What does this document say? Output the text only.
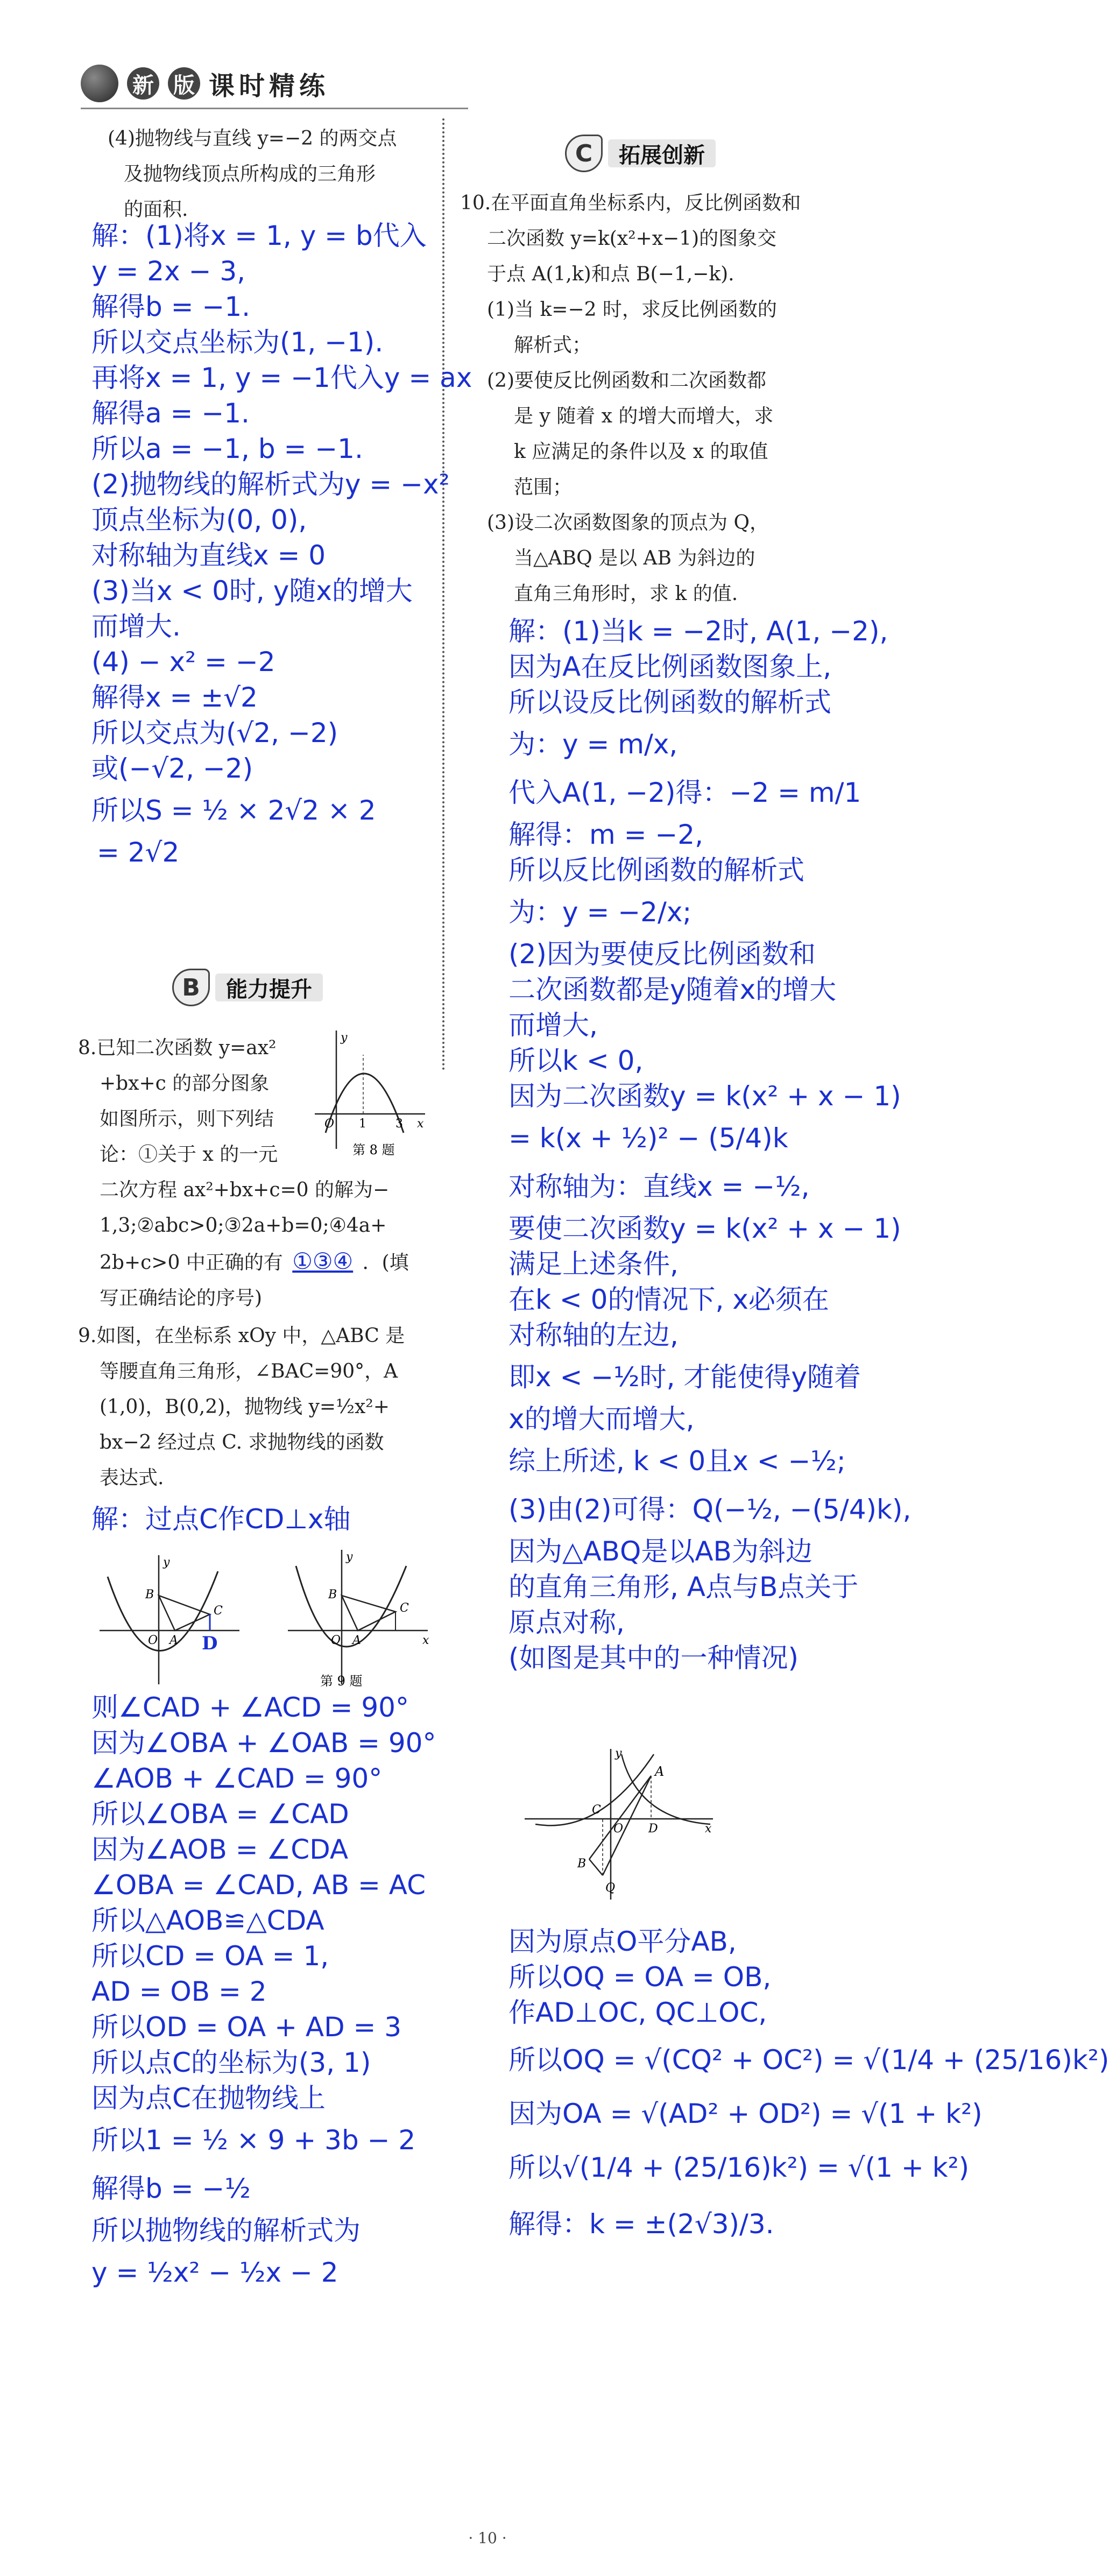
新 版 课时精练
(4)抛物线与直线 y=−2 的两交点
及抛物线顶点所构成的三角形
的面积.
解：(1)将x = 1, y = b代入
y = 2x − 3,
解得b = −1.
所以交点坐标为(1, −1).
再将x = 1, y = −1代入y = ax
解得a = −1.
所以a = −1, b = −1.
(2)抛物线的解析式为y = −x²
顶点坐标为(0, 0),
对称轴为直线x = 0
(3)当x < 0时, y随x的增大
而增大.
(4) − x² = −2
解得x = ±√2
所以交点为(√2, −2)
或(−√2, −2)
所以S = ½ × 2√2 × 2
= 2√2
B	能力提升
8.已知二次函数 y=ax²
+bx+c 的部分图象
如图所示，则下列结
论：①关于 x 的一元
二次方程 ax²+bx+c=0 的解为−
1,3;②abc>0;③2a+b=0;④4a+
2b+c>0 中正确的有 ①③④ ．(填
写正确结论的序号)
y
x
O 1 3
第 8 题
9.如图，在坐标系 xOy 中，△ABC 是
等腰直角三角形，∠BAC=90°，A
(1,0)，B(0,2)，抛物线 y=½x²+
bx−2 经过点 C. 求抛物线的函数
表达式.
解：过点C作CD⊥x轴
y
B
C
O A D
y
B
C
O A	x
第 9 题
则∠CAD + ∠ACD = 90°
因为∠OBA + ∠OAB = 90°
∠AOB + ∠CAD = 90°
所以∠OBA = ∠CAD
因为∠AOB = ∠CDA
∠OBA = ∠CAD, AB = AC
所以△AOB≌△CDA
所以CD = OA = 1,
AD = OB = 2
所以OD = OA + AD = 3
所以点C的坐标为(3, 1)
因为点C在抛物线上
所以1 = ½ × 9 + 3b − 2
解得b = −½
所以抛物线的解析式为
y = ½x² − ½x − 2
C	拓展创新
10.在平面直角坐标系内，反比例函数和
二次函数 y=k(x²+x−1)的图象交
于点 A(1,k)和点 B(−1,−k).
(1)当 k=−2 时，求反比例函数的
解析式；
(2)要使反比例函数和二次函数都
是 y 随着 x 的增大而增大，求
k 应满足的条件以及 x 的取值
范围；
(3)设二次函数图象的顶点为 Q，
当△ABQ 是以 AB 为斜边的
直角三角形时，求 k 的值.
解：(1)当k = −2时, A(1, −2),
因为A在反比例函数图象上,
所以设反比例函数的解析式
为：y = m/x,
代入A(1, −2)得：−2 = m/1
解得：m = −2,
所以反比例函数的解析式
为：y = −2/x;
(2)因为要使反比例函数和
二次函数都是y随着x的增大
而增大,
所以k < 0,
因为二次函数y = k(x² + x − 1)
= k(x + ½)² − (5/4)k
对称轴为：直线x = −½,
要使二次函数y = k(x² + x − 1)
满足上述条件,
在k < 0的情况下, x必须在
对称轴的左边,
即x < −½时, 才能使得y随着
x的增大而增大,
综上所述, k < 0且x < −½;
(3)由(2)可得：Q(−½, −(5/4)k),
因为△ABQ是以AB为斜边
的直角三角形, A点与B点关于
原点对称,
(如图是其中的一种情况)
y
x
A
C
O D
B
Q
因为原点O平分AB,
所以OQ = OA = OB,
作AD⊥OC, QC⊥OC,
所以OQ = √(CQ² + OC²) = √(1/4 + (25/16)k²)
因为OA = √(AD² + OD²) = √(1 + k²)
所以√(1/4 + (25/16)k²) = √(1 + k²)
解得：k = ±(2√3)/3.
· 10 ·
